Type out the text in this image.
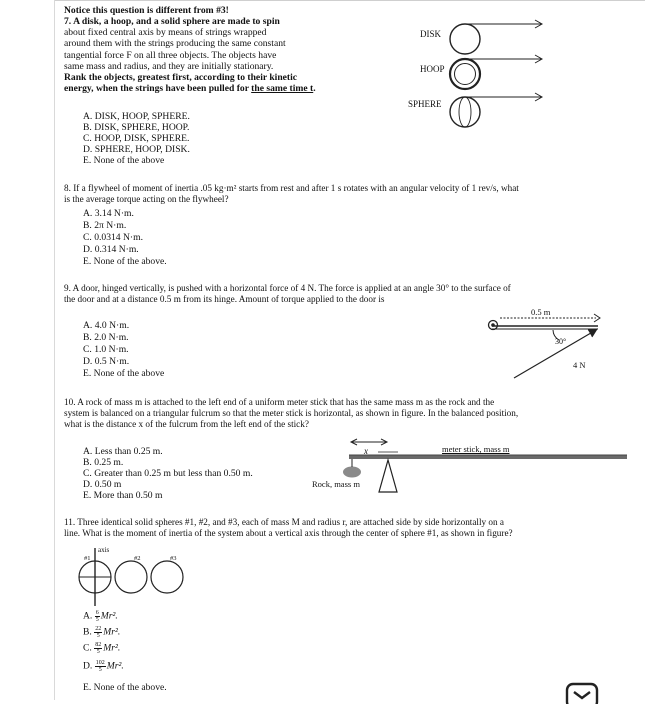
Notice this question is different from #3!
7. A disk, a hoop, and a solid sphere are made to spin
about fixed central axis by means of strings wrapped
around them with the strings producing the same constant
tangential force F on all three objects. The objects have
same mass and radius, and they are initially stationary.
Rank the objects, greatest first, according to their kinetic
energy, when the strings have been pulled for the same time t.
DISK
HOOP
SPHERE
A. DISK, HOOP, SPHERE.
B. DISK, SPHERE, HOOP.
C. HOOP, DISK, SPHERE.
D. SPHERE, HOOP, DISK.
E. None of the above
8. If a flywheel of moment of inertia .05 kg·m² starts from rest and after 1 s rotates with an angular velocity of 1 rev/s, what
is the average torque acting on the flywheel?
A. 3.14 N·m.
B. 2π N·m.
C. 0.0314 N·m.
D. 0.314 N·m.
E. None of the above.
9. A door, hinged vertically, is pushed with a horizontal force of 4 N. The force is applied at an angle 30° to the surface of
the door and at a distance 0.5 m from its hinge. Amount of torque applied to the door is
A. 4.0 N·m.
B. 2.0 N·m.
C. 1.0 N·m.
D. 0.5 N·m.
E. None of the above
0.5 m
30°
4 N
10. A rock of mass m is attached to the left end of a uniform meter stick that has the same mass m as the rock and the
system is balanced on a triangular fulcrum so that the meter stick is horizontal, as shown in figure. In the balanced position,
what is the distance x of the fulcrum from the left end of the stick?
A. Less than 0.25 m.
B. 0.25 m.
C. Greater than 0.25 m but less than 0.50 m.
D. 0.50 m
E. More than 0.50 m
x	meter stick, mass m
Rock, mass m
11. Three identical solid spheres #1, #2, and #3, each of mass M and radius r, are attached side by side horizontally on a
line. What is the moment of inertia of the system about a vertical axis through the center of sphere #1, as shown in figure?
axis
#1	#2	#3
A. $\frac{6}{5} Mr^2$.
B. $\frac{22}{5} Mr^2$.
C. $\frac{82}{5} Mr^2$.
D. $\frac{102}{5} Mr^2$.
E. None of the above.
